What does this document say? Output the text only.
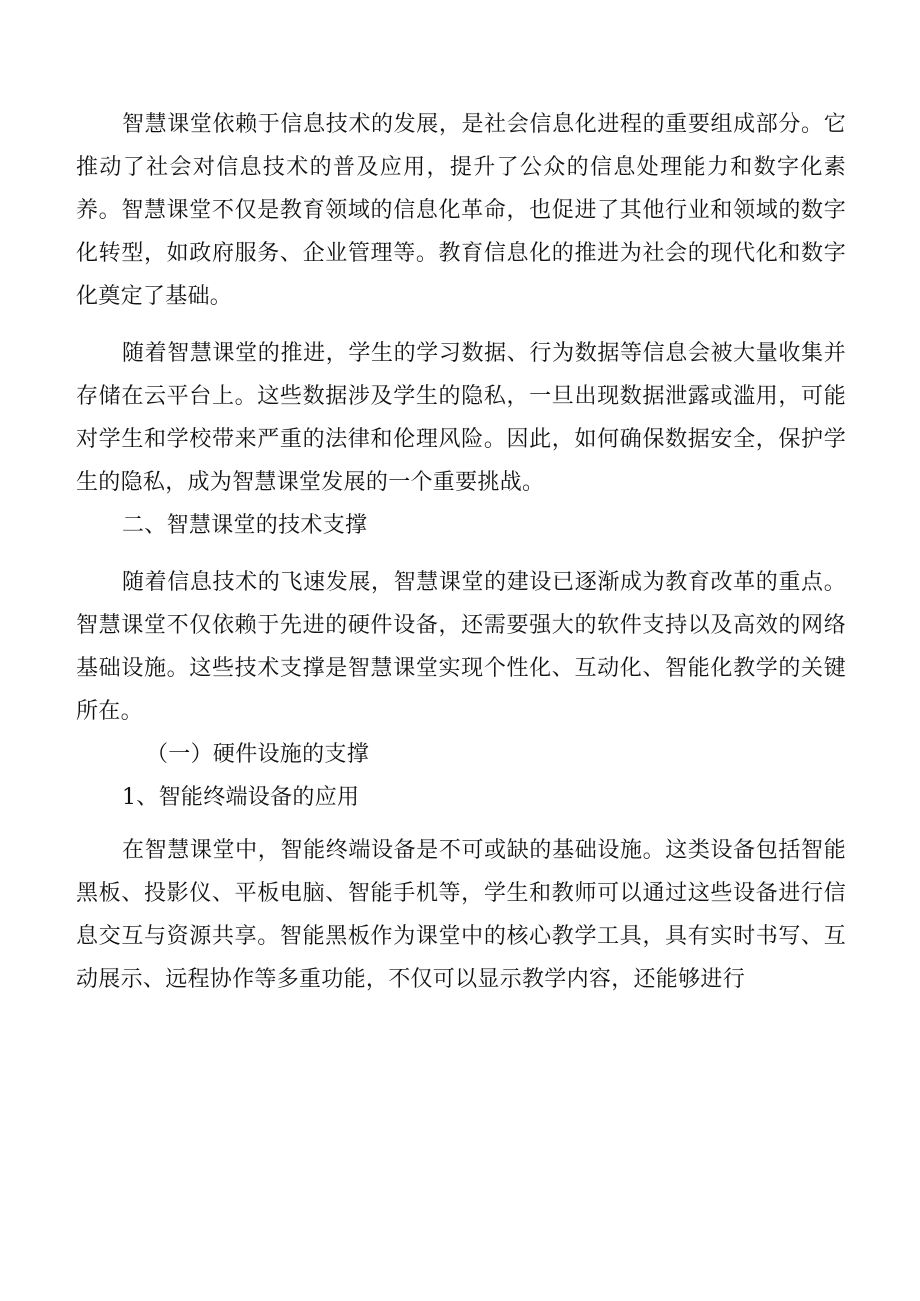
智慧课堂依赖于信息技术的发展，是社会信息化进程的重要组成部分。它推动了社会对信息技术的普及应用，提升了公众的信息处理能力和数字化素养。智慧课堂不仅是教育领域的信息化革命，也促进了其他行业和领域的数字化转型，如政府服务、企业管理等。教育信息化的推进为社会的现代化和数字化奠定了基础。

随着智慧课堂的推进，学生的学习数据、行为数据等信息会被大量收集并存储在云平台上。这些数据涉及学生的隐私，一旦出现数据泄露或滥用，可能对学生和学校带来严重的法律和伦理风险。因此，如何确保数据安全，保护学生的隐私，成为智慧课堂发展的一个重要挑战。

二、智慧课堂的技术支撑

随着信息技术的飞速发展，智慧课堂的建设已逐渐成为教育改革的重点。智慧课堂不仅依赖于先进的硬件设备，还需要强大的软件支持以及高效的网络基础设施。这些技术支撑是智慧课堂实现个性化、互动化、智能化教学的关键所在。

（一）硬件设施的支撑

1、智能终端设备的应用

在智慧课堂中，智能终端设备是不可或缺的基础设施。这类设备包括智能黑板、投影仪、平板电脑、智能手机等，学生和教师可以通过这些设备进行信息交互与资源共享。智能黑板作为课堂中的核心教学工具，具有实时书写、互动展示、远程协作等多重功能，不仅可以显示教学内容，还能够进行
